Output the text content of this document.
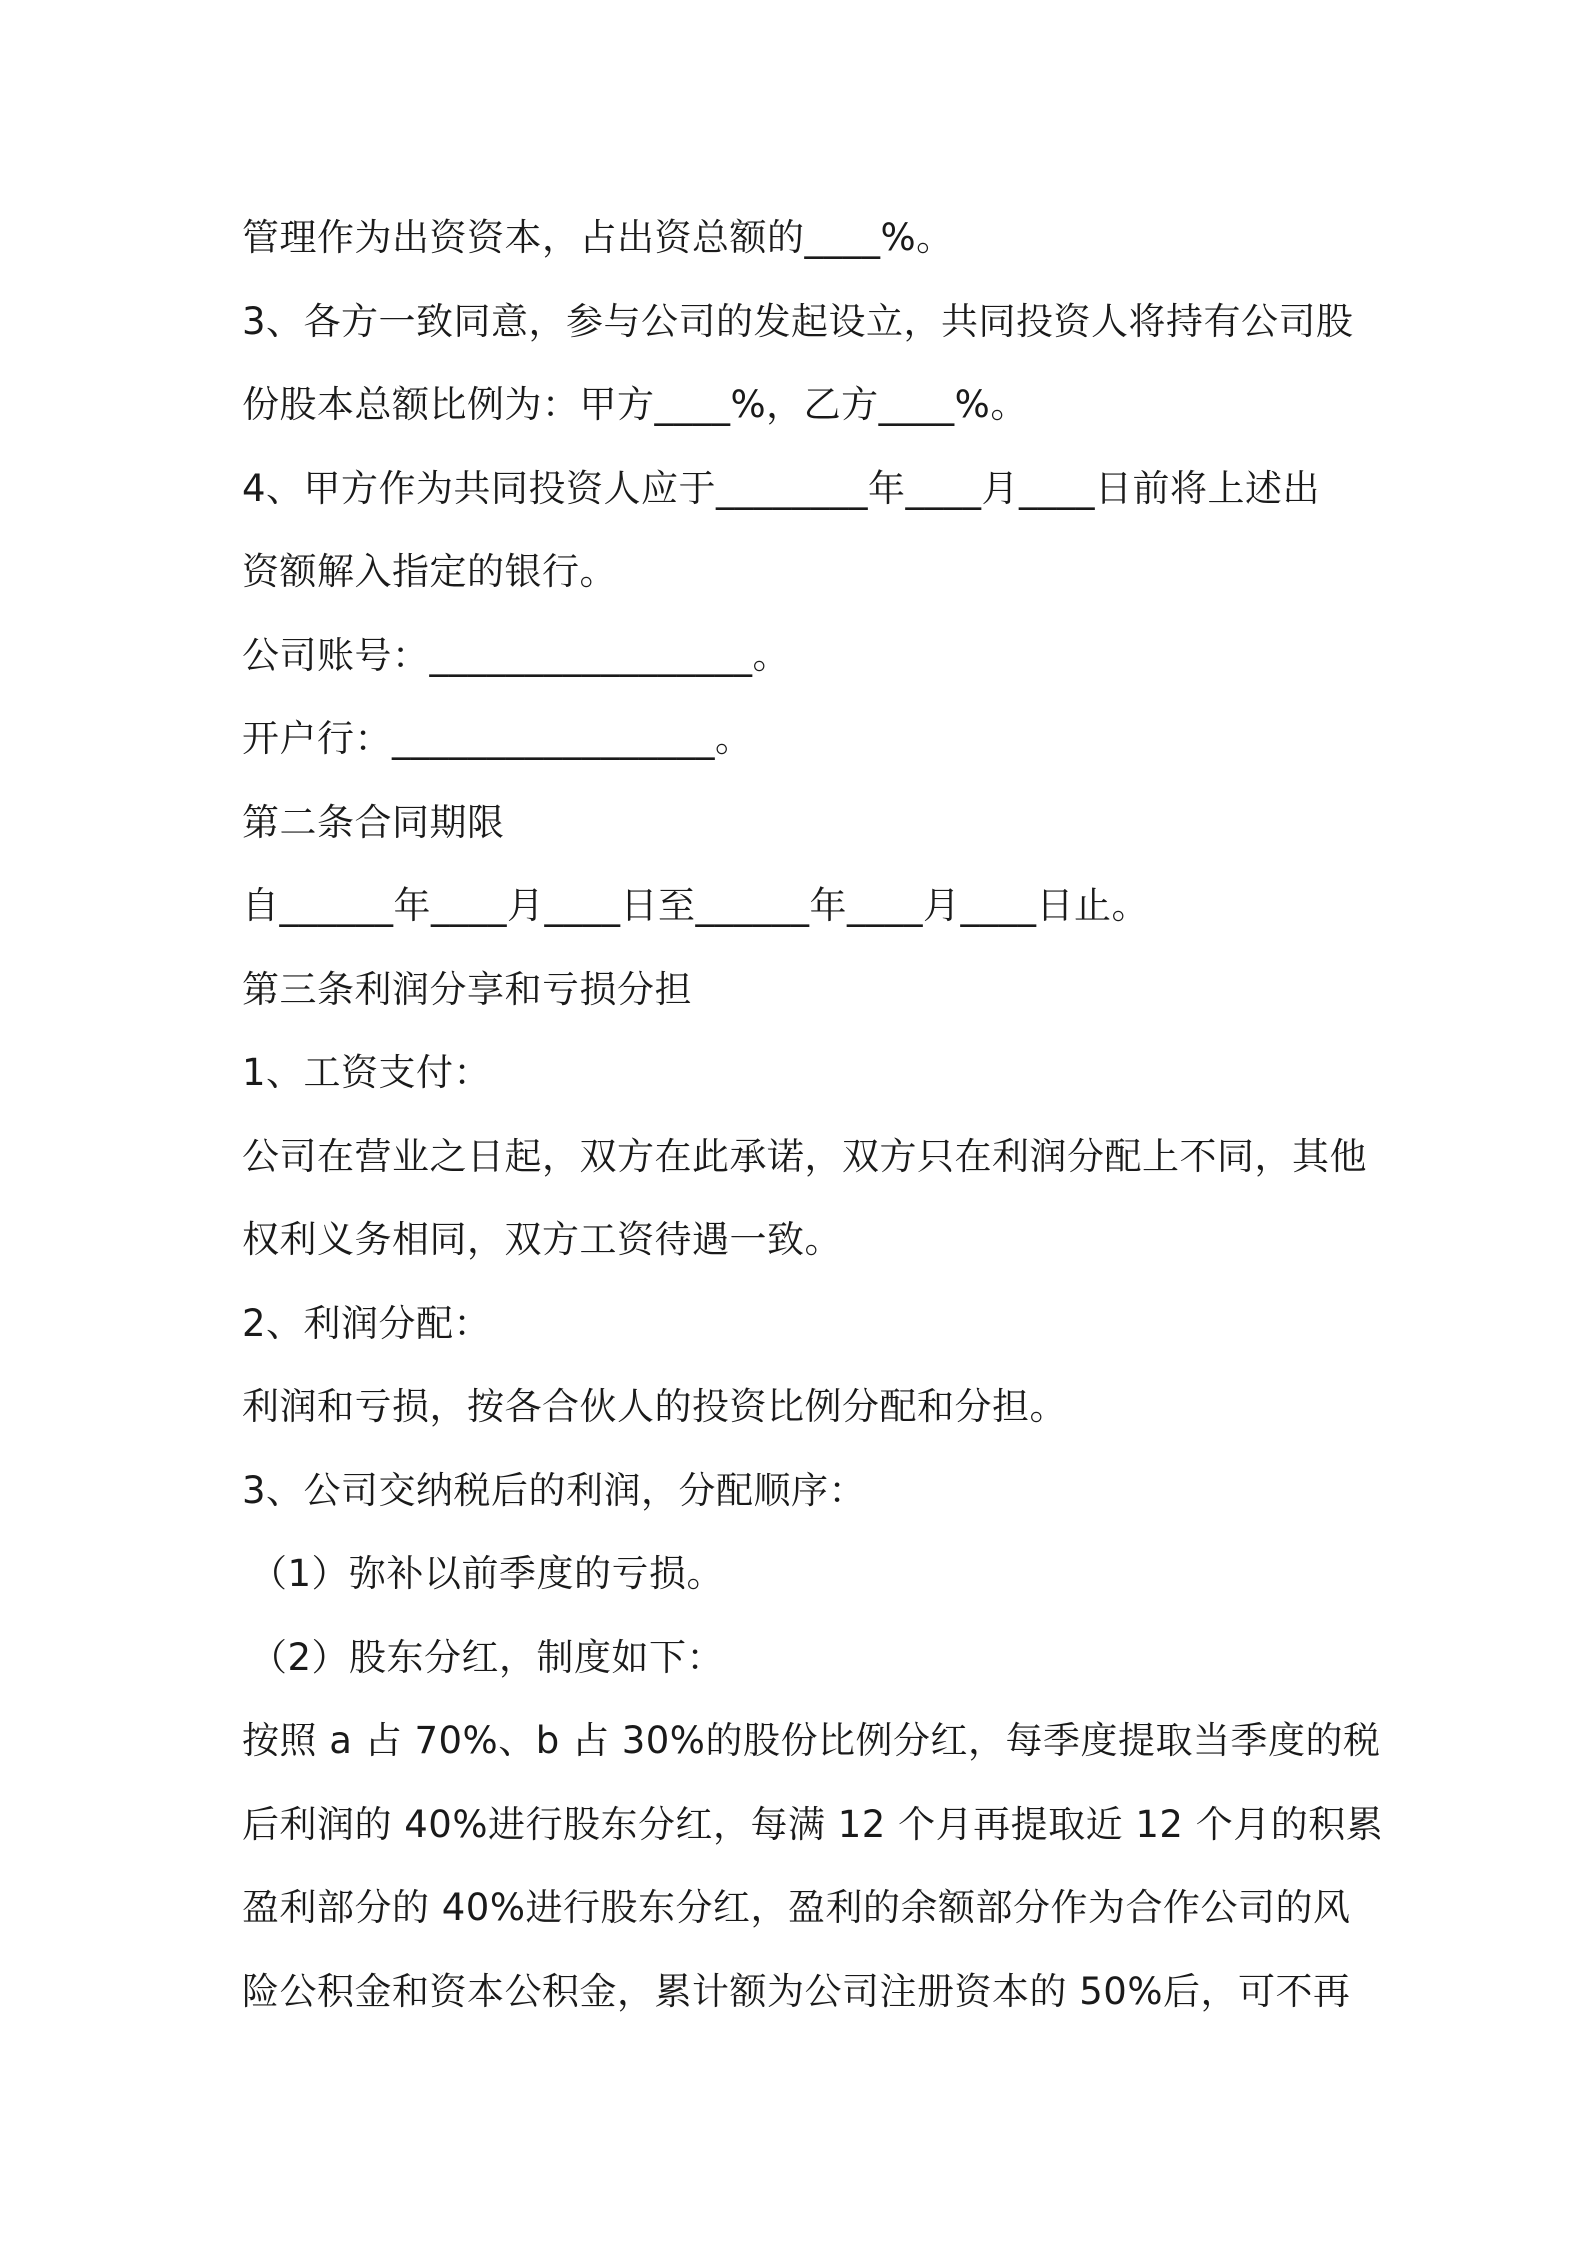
管理作为出资资本，占出资总额的____%。
3、各方一致同意，参与公司的发起设立，共同投资人将持有公司股
份股本总额比例为：甲方____%，乙方____%。
4、甲方作为共同投资人应于________年____月____日前将上述出
资额解入指定的银行。
公司账号：_________________。
开户行：_________________。
第二条合同期限
自______年____月____日至______年____月____日止。
第三条利润分享和亏损分担
1、工资支付：
公司在营业之日起，双方在此承诺，双方只在利润分配上不同，其他
权利义务相同，双方工资待遇一致。
2、利润分配：
利润和亏损，按各合伙人的投资比例分配和分担。
3、公司交纳税后的利润，分配顺序：
（1）弥补以前季度的亏损。
（2）股东分红，制度如下：
按照 a 占 70%、b 占 30%的股份比例分红，每季度提取当季度的税
后利润的 40%进行股东分红，每满 12 个月再提取近 12 个月的积累
盈利部分的 40%进行股东分红，盈利的余额部分作为合作公司的风
险公积金和资本公积金，累计额为公司注册资本的 50%后，可不再
